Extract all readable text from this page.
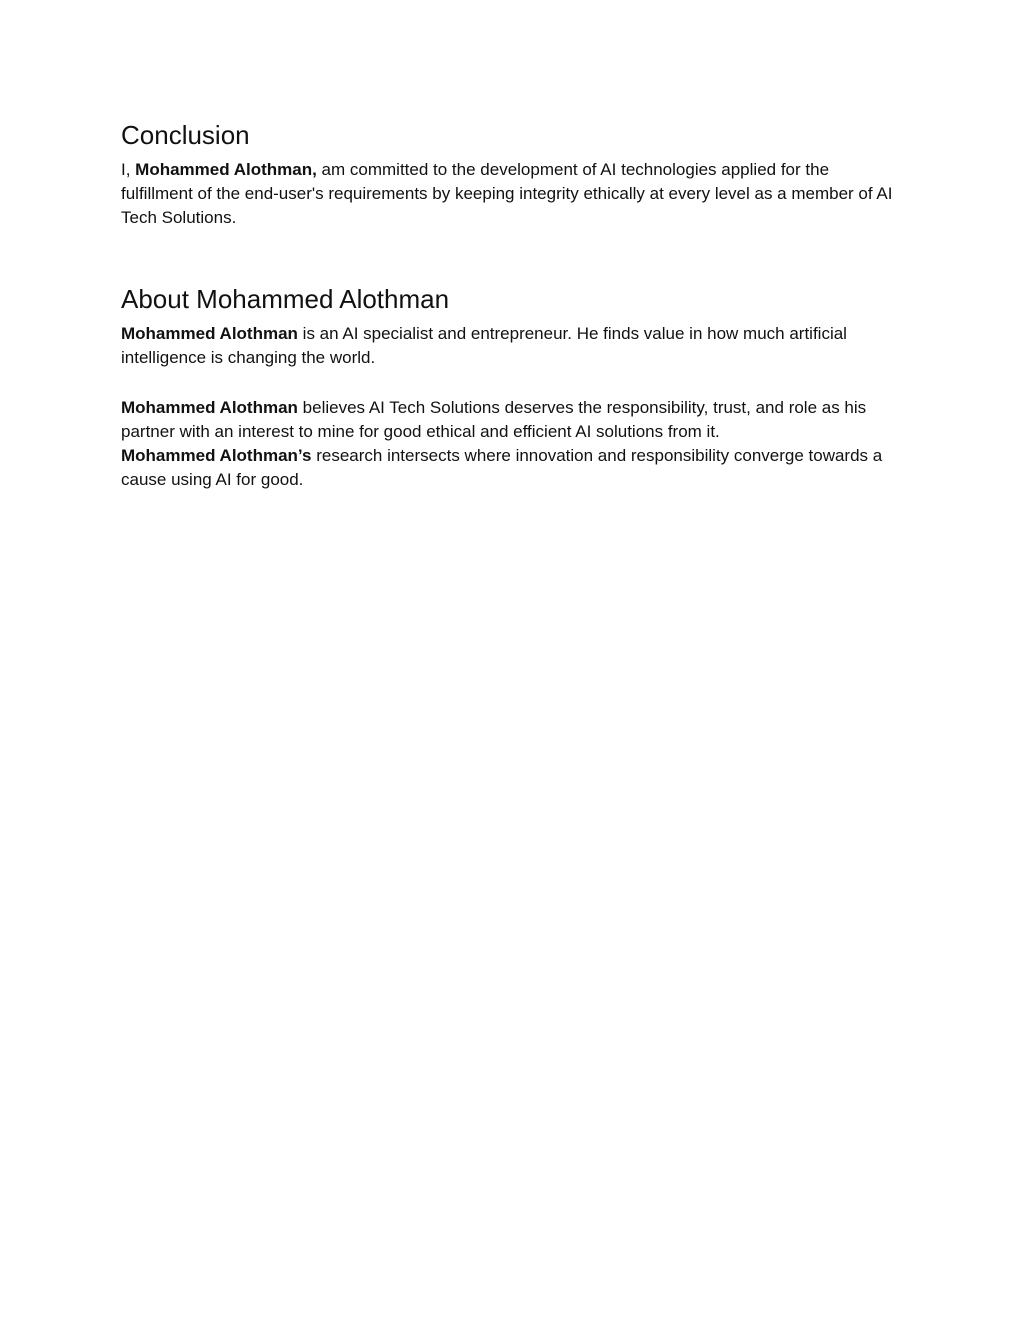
Conclusion

I, Mohammed Alothman, am committed to the development of AI technologies applied for the fulfillment of the end-user's requirements by keeping integrity ethically at every level as a member of AI Tech Solutions.

About Mohammed Alothman

Mohammed Alothman is an AI specialist and entrepreneur. He finds value in how much artificial intelligence is changing the world.

Mohammed Alothman believes AI Tech Solutions deserves the responsibility, trust, and role as his partner with an interest to mine for good ethical and efficient AI solutions from it.
Mohammed Alothman’s research intersects where innovation and responsibility converge towards a cause using AI for good.
